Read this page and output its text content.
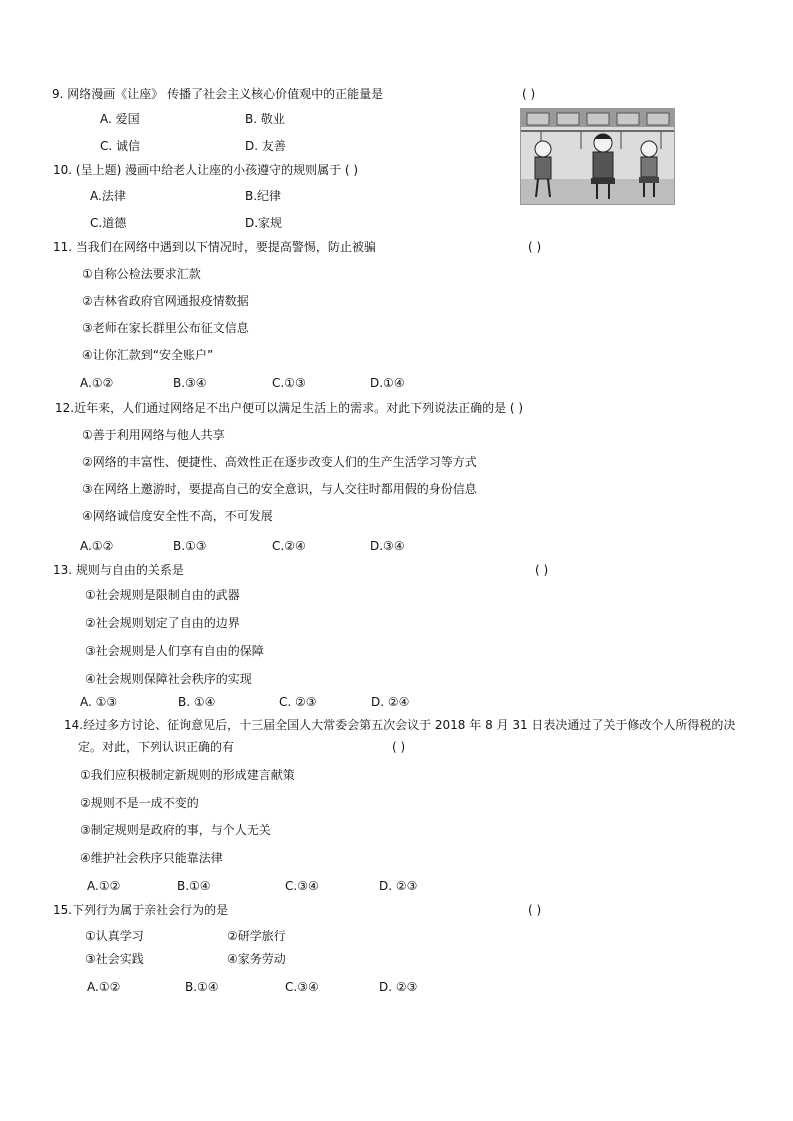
9. 网络漫画《让座》 传播了社会主义核心价值观中的正能量是	( )
A. 爱国	B. 敬业
C. 诚信	D. 友善
10. (呈上题) 漫画中给老人让座的小孩遵守的规则属于 ( )
A.法律	B.纪律
C.道德	D.家规
11. 当我们在网络中遇到以下情况时，要提高警惕，防止被骗	( )
①自称公检法要求汇款
②吉林省政府官网通报疫情数据
③老师在家长群里公布征文信息
④让你汇款到“安全账户”
A.①②	B.③④	C.①③	D.①④
12.近年来，人们通过网络足不出户便可以满足生活上的需求。对此下列说法正确的是 ( )
①善于利用网络与他人共享
②网络的丰富性、便捷性、高效性正在逐步改变人们的生产生活学习等方式
③在网络上邀游时，要提高自己的安全意识，与人交往时都用假的身份信息
④网络诚信度安全性不高，不可发展
A.①②	B.①③	C.②④	D.③④
13. 规则与自由的关系是	( )
①社会规则是限制自由的武器
②社会规则划定了自由的边界
③社会规则是人们享有自由的保障
④社会规则保障社会秩序的实现
A. ①③	B. ①④	C. ②③	D. ②④
14.经过多方讨论、征询意见后，十三届全国人大常委会第五次会议于 2018 年 8 月 31 日表决通过了关于修改个人所得税的决
定。对此，下列认识正确的有	( )
①我们应积极制定新规则的形成建言献策
②规则不是一成不变的
③制定规则是政府的事，与个人无关
④维护社会秩序只能靠法律
A.①②	B.①④	C.③④	D. ②③
15.下列行为属于亲社会行为的是	( )
①认真学习	②研学旅行
③社会实践	④家务劳动
A.①②	B.①④	C.③④	D. ②③
